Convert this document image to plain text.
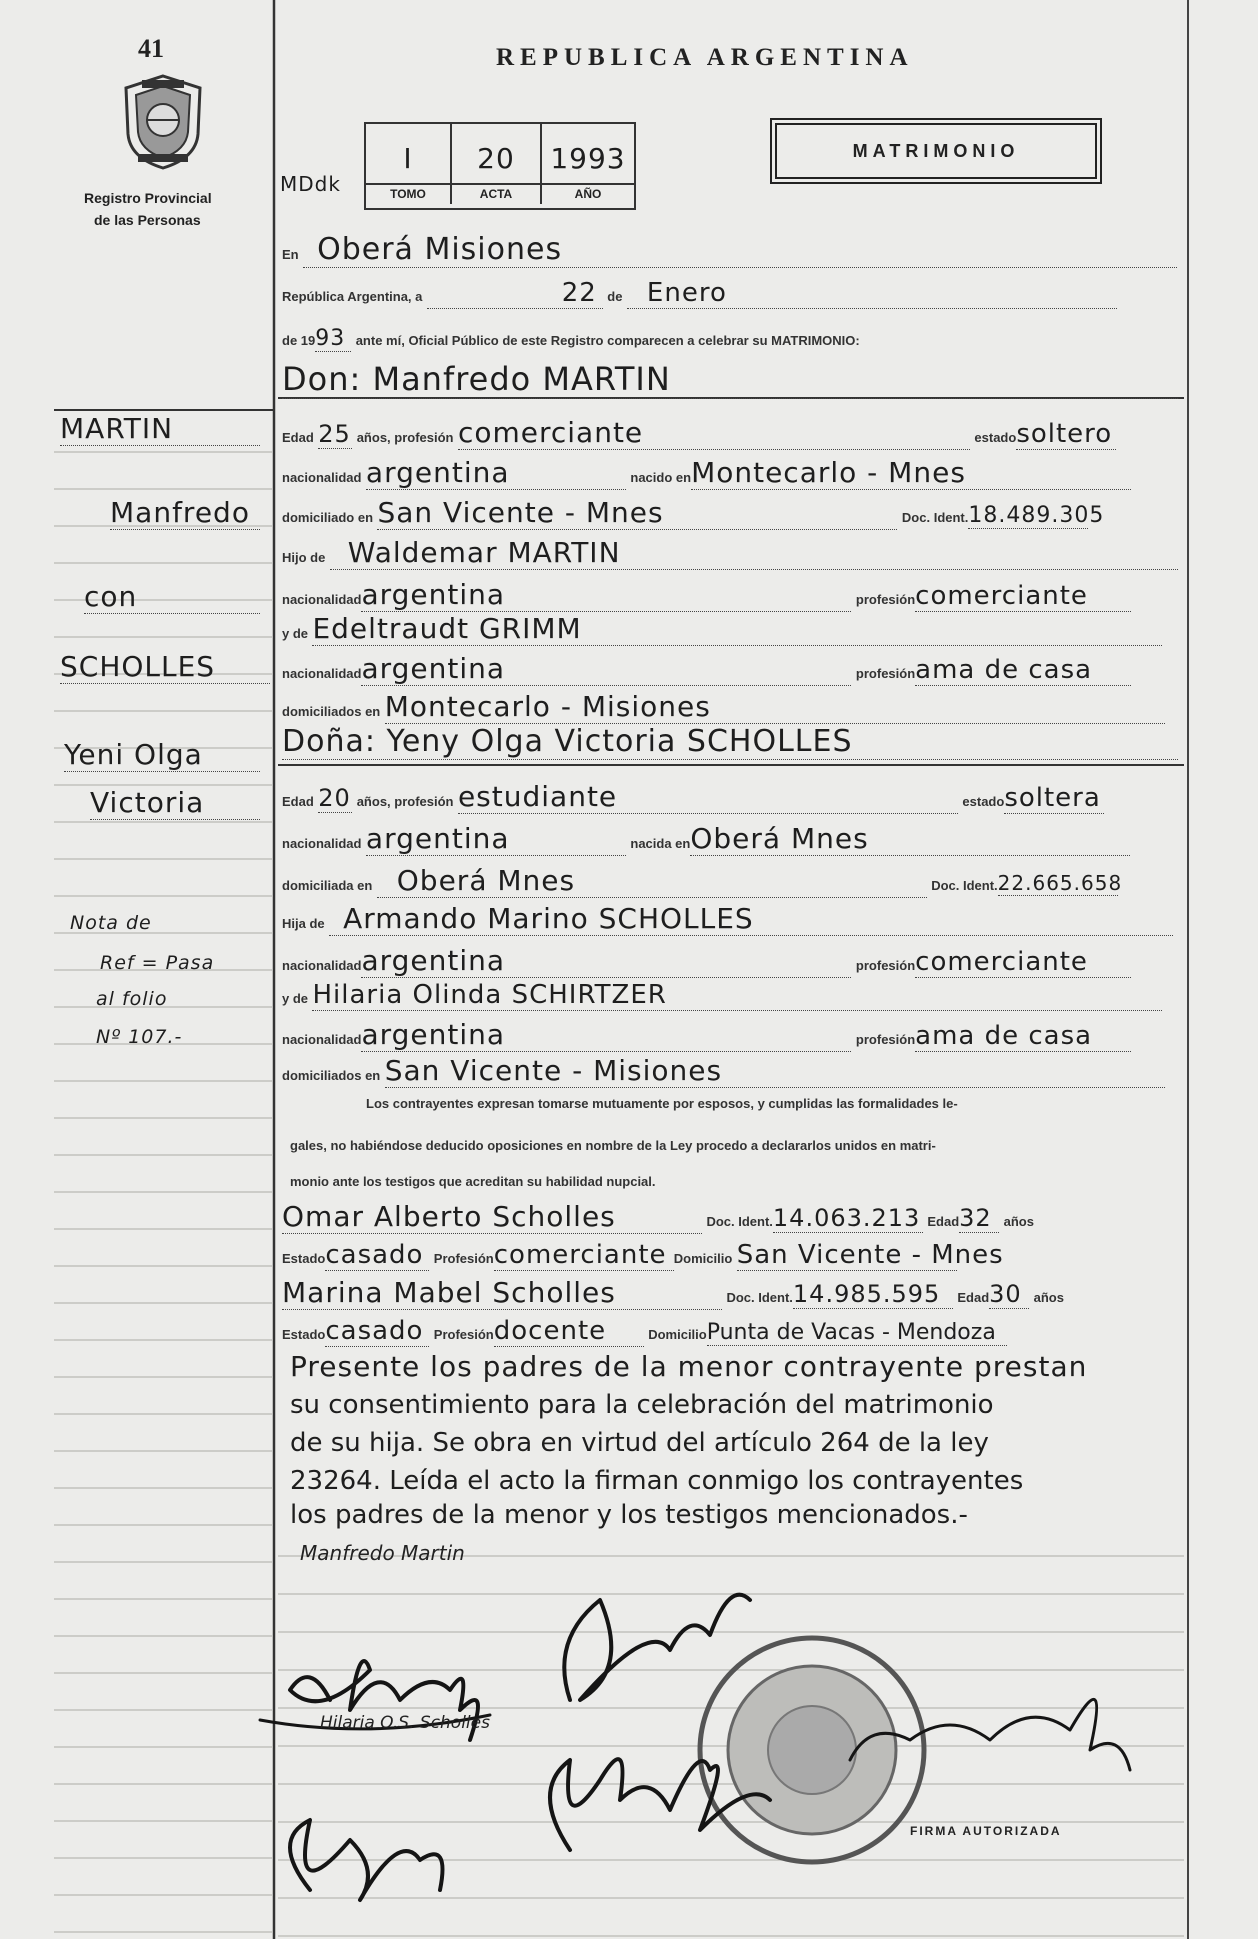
41
Registro Provincial
de las Personas
REPUBLICA ARGENTINA
MDdk
I
TOMO
20
ACTA
1993
AÑO
MATRIMONIO
En Oberá Misiones
República Argentina, a	22 de Enero
de 1993 ante mí, Oficial Público de este Registro comparecen a celebrar su MATRIMONIO:
Don: Manfredo MARTIN
Edad 25 años, profesión comerciante	estadosoltero
nacionalidad argentina	nacido enMontecarlo - Mnes
domiciliado en San Vicente - Mnes	Doc. Ident.18.489.305
Hijo de Waldemar MARTIN
nacionalidadargentina	profesióncomerciante
y de Edeltraudt GRIMM
nacionalidadargentina	profesiónama de casa
domiciliados en Montecarlo - Misiones
Doña: Yeny Olga Victoria SCHOLLES
Edad 20 años, profesión estudiante	estadosoltera
nacionalidad argentina	nacida enOberá Mnes
domiciliada en Oberá Mnes	Doc. Ident.22.665.658
Hija de Armando Marino SCHOLLES
nacionalidadargentina	profesióncomerciante
y de Hilaria Olinda SCHIRTZER
nacionalidadargentina	profesiónama de casa
domiciliados en San Vicente - Misiones
Los contrayentes expresan tomarse mutuamente por esposos, y cumplidas las formalidades le-
gales, no habiéndose deducido oposiciones en nombre de la Ley procedo a declararlos unidos en matri-
monio ante los testigos que acreditan su habilidad nupcial.
Omar Alberto Scholles	Doc. Ident.14.063.213 Edad32 años
Estadocasado Profesióncomerciante Domicilio San Vicente - Mnes
Marina Mabel Scholles	Doc. Ident.14.985.595 Edad30 años
Estadocasado Profesióndocente	DomicilioPunta de Vacas - Mendoza
Presente los padres de la menor contrayente prestan
su consentimiento para la celebración del matrimonio
de su hija. Se obra en virtud del artículo 264 de la ley
23264. Leída el acto la firman conmigo los contrayentes
los padres de la menor y los testigos mencionados.-
MARTIN
Manfredo
con
SCHOLLES
Yeni Olga
Victoria
Nota de
Ref = Pasa
al folio
Nº 107.-
Manfredo Martin
Hilaria O.S. Scholles
FIRMA AUTORIZADA
